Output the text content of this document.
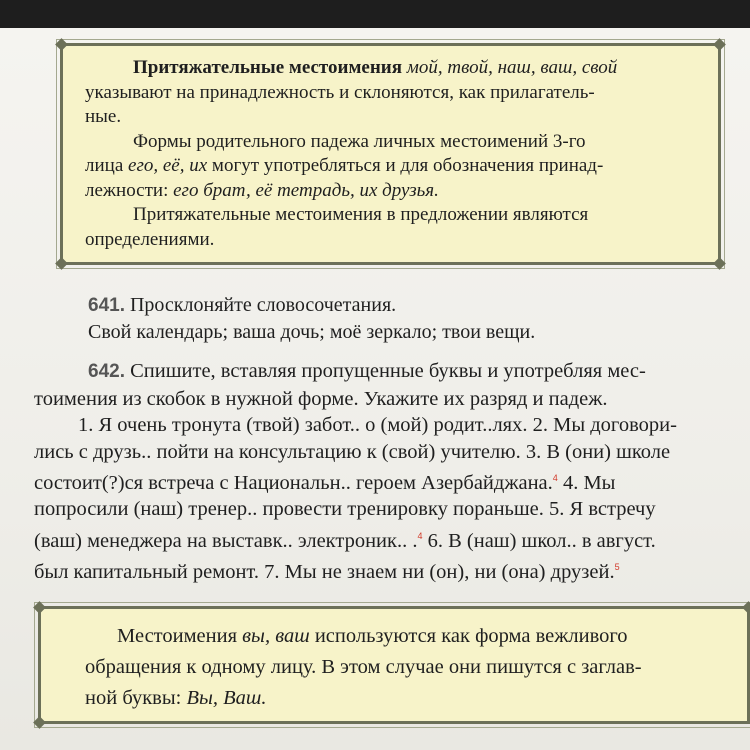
Притяжательные местоимения мой, твой, наш, ваш, свой
указывают на принадлежность и склоняются, как прилагатель-
ные.
Формы родительного падежа личных местоимений 3-го
лица его, её, их могут употребляться и для обозначения принад-
лежности: его брат, её тетрадь, их друзья.
Притяжательные местоимения в предложении являются
определениями.
641. Просклоняйте словосочетания.
Свой календарь; ваша дочь; моё зеркало; твои вещи.
642. Спишите, вставляя пропущенные буквы и употребляя мес-
тоимения из скобок в нужной форме. Укажите их разряд и падеж.
1. Я очень тронута (твой) забот.. о (мой) родит..лях. 2. Мы договори-
лись с друзь.. пойти на консультацию к (свой) учителю. 3. В (они) школе
состоит(?)ся встреча с Национальн.. героем Азербайджана.$^4$ 4. Мы
попросили (наш) тренер.. провести тренировку пораньше. 5. Я встречу
(ваш) менеджера на выставк.. электроник.. .$^4$ 6. В (наш) школ.. в август.
был капитальный ремонт. 7. Мы не знаем ни (он), ни (она) друзей.$^5$
Местоимения вы, ваш используются как форма вежливого
обращения к одному лицу. В этом случае они пишутся с заглав-
ной буквы: Вы, Ваш.
